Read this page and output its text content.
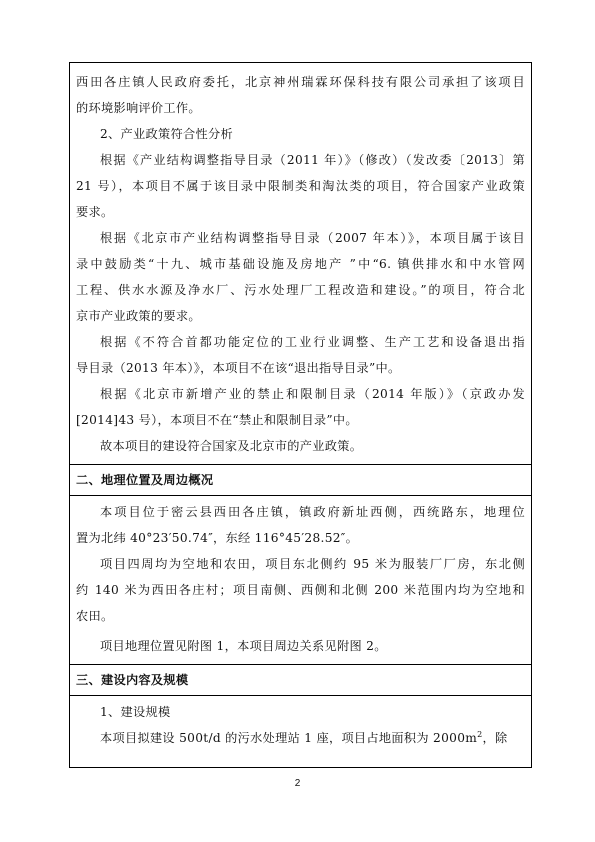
西田各庄镇人民政府委托，北京神州瑞霖环保科技有限公司承担了该项目
的环境影响评价工作。
2、产业政策符合性分析
根据《产业结构调整指导目录（2011 年）》（修改）（发改委〔2013〕第
21 号），本项目不属于该目录中限制类和淘汰类的项目，符合国家产业政策
要求。
根据《北京市产业结构调整指导目录（2007 年本）》，本项目属于该目
录中鼓励类“十九、城市基础设施及房地产 ”中“6. 镇供排水和中水管网
工程、供水水源及净水厂、污水处理厂工程改造和建设。”的项目，符合北
京市产业政策的要求。
根据《不符合首都功能定位的工业行业调整、生产工艺和设备退出指
导目录（2013 年本）》，本项目不在该“退出指导目录”中。
根据《北京市新增产业的禁止和限制目录（2014 年版）》（京政办发
[2014]43 号），本项目不在“禁止和限制目录”中。
故本项目的建设符合国家及北京市的产业政策。
二、地理位置及周边概况
本项目位于密云县西田各庄镇，镇政府新址西侧，西统路东，地理位
置为北纬 40°23′50.74″，东经 116°45′28.52″。
项目四周均为空地和农田，项目东北侧约 95 米为服装厂厂房，东北侧
约 140 米为西田各庄村；项目南侧、西侧和北侧 200 米范围内均为空地和
农田。
项目地理位置见附图 1，本项目周边关系见附图 2。
三、建设内容及规模
1、建设规模
本项目拟建设 500t/d 的污水处理站 1 座，项目占地面积为 $2000m^2$，除
2
